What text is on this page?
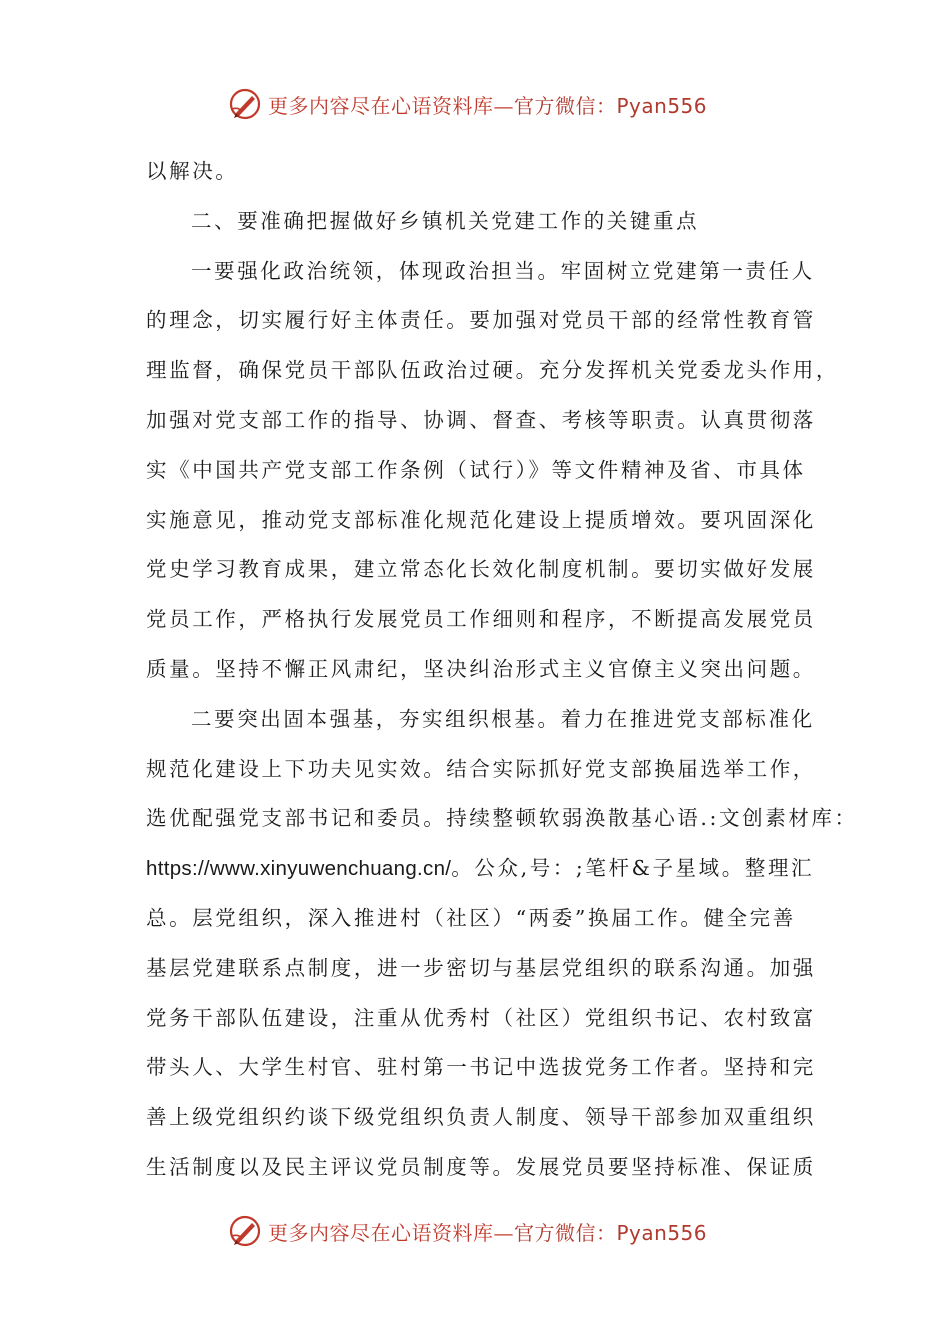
更多内容尽在心语资料库—官方微信：Pyan556
以解决。
二、要准确把握做好乡镇机关党建工作的关键重点
一要强化政治统领，体现政治担当。牢固树立党建第一责任人
的理念，切实履行好主体责任。要加强对党员干部的经常性教育管
理监督，确保党员干部队伍政治过硬。充分发挥机关党委龙头作用，
加强对党支部工作的指导、协调、督查、考核等职责。认真贯彻落
实《中国共产党支部工作条例（试行）》等文件精神及省、市具体
实施意见，推动党支部标准化规范化建设上提质增效。要巩固深化
党史学习教育成果，建立常态化长效化制度机制。要切实做好发展
党员工作，严格执行发展党员工作细则和程序，不断提高发展党员
质量。坚持不懈正风肃纪，坚决纠治形式主义官僚主义突出问题。
二要突出固本强基，夯实组织根基。着力在推进党支部标准化
规范化建设上下功夫见实效。结合实际抓好党支部换届选举工作，
选优配强党支部书记和委员。持续整顿软弱涣散基心语.:文创素材库：
https://www.xinyuwenchuang.cn/。公众,号：;笔杆&子星域。整理汇
总。层党组织，深入推进村（社区）“两委”换届工作。健全完善
基层党建联系点制度，进一步密切与基层党组织的联系沟通。加强
党务干部队伍建设，注重从优秀村（社区）党组织书记、农村致富
带头人、大学生村官、驻村第一书记中选拔党务工作者。坚持和完
善上级党组织约谈下级党组织负责人制度、领导干部参加双重组织
生活制度以及民主评议党员制度等。发展党员要坚持标准、保证质
更多内容尽在心语资料库—官方微信：Pyan556
